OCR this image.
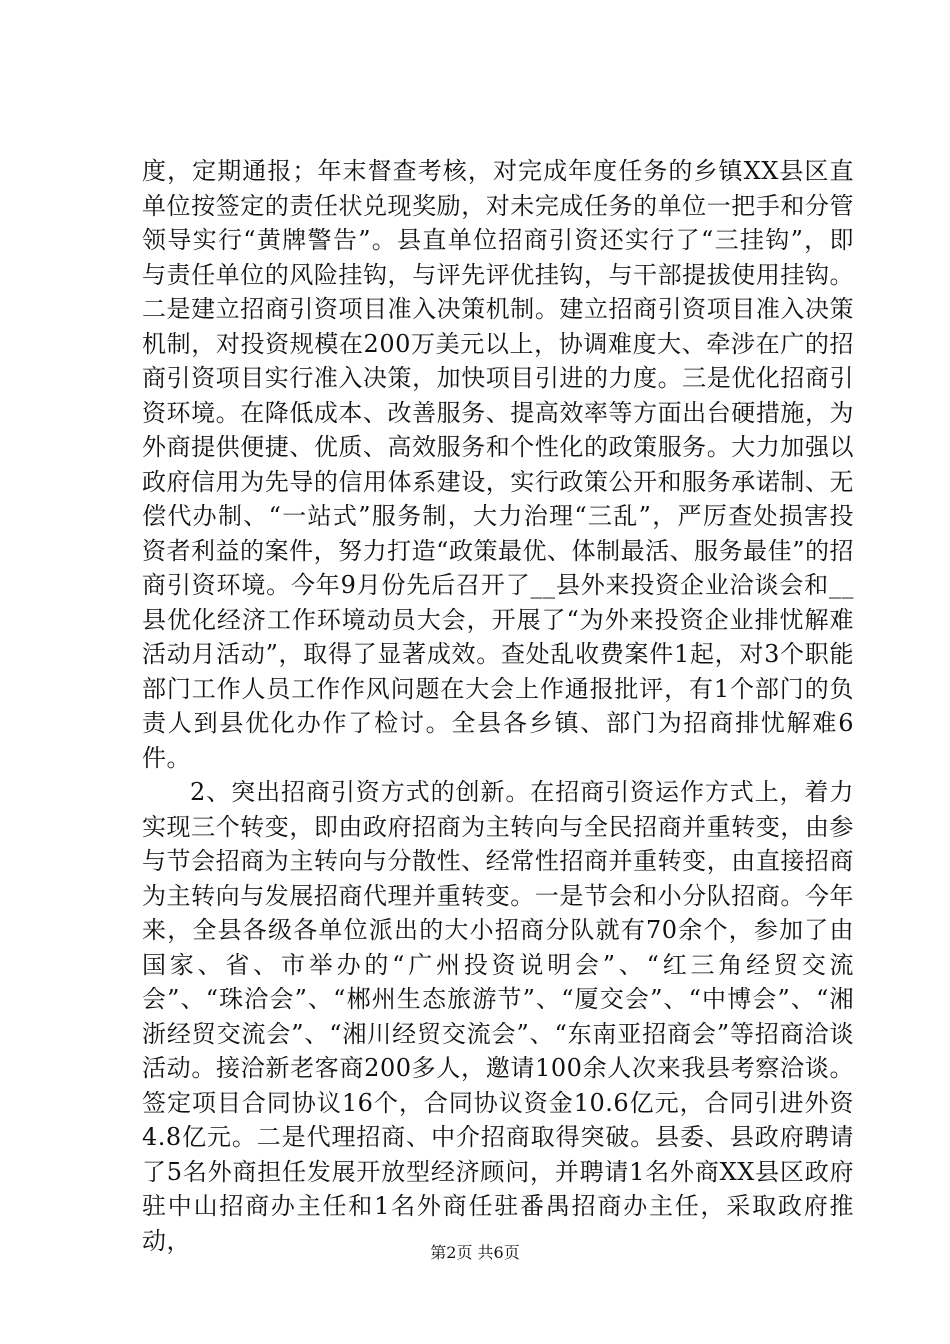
度，定期通报；年末督查考核，对完成年度任务的乡镇XX县区直单位按签定的责任状兑现奖励，对未完成任务的单位一把手和分管领导实行“黄牌警告”。县直单位招商引资还实行了“三挂钩”，即与责任单位的风险挂钩，与评先评优挂钩，与干部提拔使用挂钩。二是建立招商引资项目准入决策机制。建立招商引资项目准入决策机制，对投资规模在200万美元以上，协调难度大、牵涉在广的招商引资项目实行准入决策，加快项目引进的力度。三是优化招商引资环境。在降低成本、改善服务、提高效率等方面出台硬措施，为外商提供便捷、优质、高效服务和个性化的政策服务。大力加强以政府信用为先导的信用体系建设，实行政策公开和服务承诺制、无偿代办制、“一站式”服务制，大力治理“三乱”，严厉查处损害投资者利益的案件，努力打造“政策最优、体制最活、服务最佳”的招商引资环境。今年9月份先后召开了__县外来投资企业洽谈会和__县优化经济工作环境动员大会，开展了“为外来投资企业排忧解难活动月活动”，取得了显著成效。查处乱收费案件1起，对3个职能部门工作人员工作作风问题在大会上作通报批评，有1个部门的负责人到县优化办作了检讨。全县各乡镇、部门为招商排忧解难6件。

2、突出招商引资方式的创新。在招商引资运作方式上，着力实现三个转变，即由政府招商为主转向与全民招商并重转变，由参与节会招商为主转向与分散性、经常性招商并重转变，由直接招商为主转向与发展招商代理并重转变。一是节会和小分队招商。今年来，全县各级各单位派出的大小招商分队就有70余个，参加了由国家、省、市举办的“广州投资说明会”、“红三角经贸交流会”、“珠洽会”、“郴州生态旅游节”、“厦交会”、“中博会”、“湘浙经贸交流会”、“湘川经贸交流会”、“东南亚招商会”等招商洽谈活动。接洽新老客商200多人，邀请100余人次来我县考察洽谈。签定项目合同协议16个，合同协议资金10.6亿元，合同引进外资4.8亿元。二是代理招商、中介招商取得突破。县委、县政府聘请了5名外商担任发展开放型经济顾问，并聘请1名外商XX县区政府驻中山招商办主任和1名外商任驻番禺招商办主任，采取政府推动，	第2页 共6页
